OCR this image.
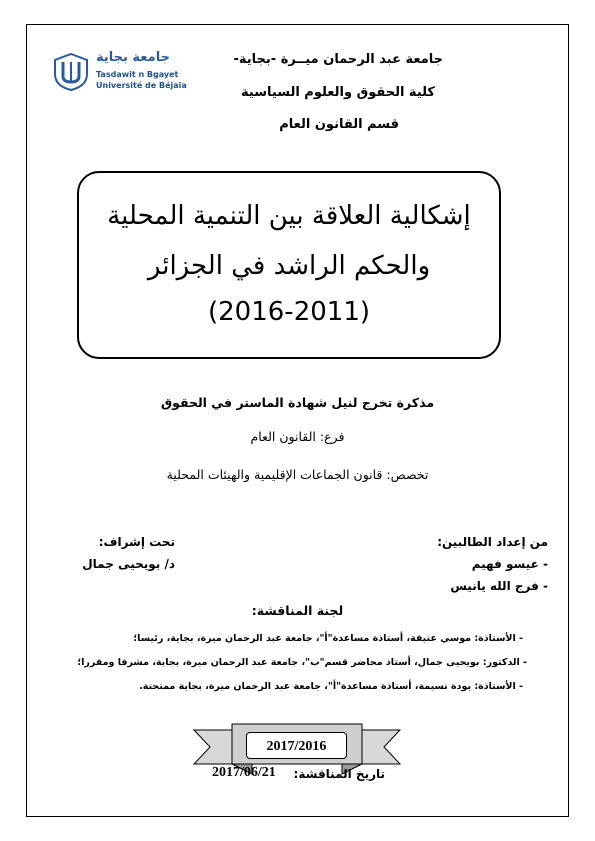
جامعة بجاية
Tasdawit n Bgayet
Université de Béjaïa
جامعة عبد الرحمان ميــرة -بجاية-
كلية الحقوق والعلوم السياسية
قسم القانون العام
إشكالية العلاقة بين التنمية المحلية
والحكم الراشد في الجزائر
(2016-2011)
مذكرة تخرج لنيل شهادة الماستر في الحقوق
فرع: القانون العام
تخصص: قانون الجماعات الإقليمية والهيئات المحلية
من إعداد الطالبين:
- عيسو فهيم
- فرج الله يانيس
تحت إشراف:
د/ بويحيى جمال
لجنة المناقشة:
- الأستاذة: موسي عتيقة، أستاذة مساعدة"أ"، جامعة عبد الرحمان ميرة، بجاية، رئيسا؛
- الدكتور: بويحيى جمال، أستاذ محاضر قسم"ب"، جامعة عبد الرحمان ميرة، بجاية، مشرفا ومقررا؛
- الأستاذة: بودة نسيمة، أستاذة مساعدة"أ"، جامعة عبد الرحمان ميرة، بجاية ممتحنة.
2017/2016
تاريخ المناقشة:
2017/06/21
